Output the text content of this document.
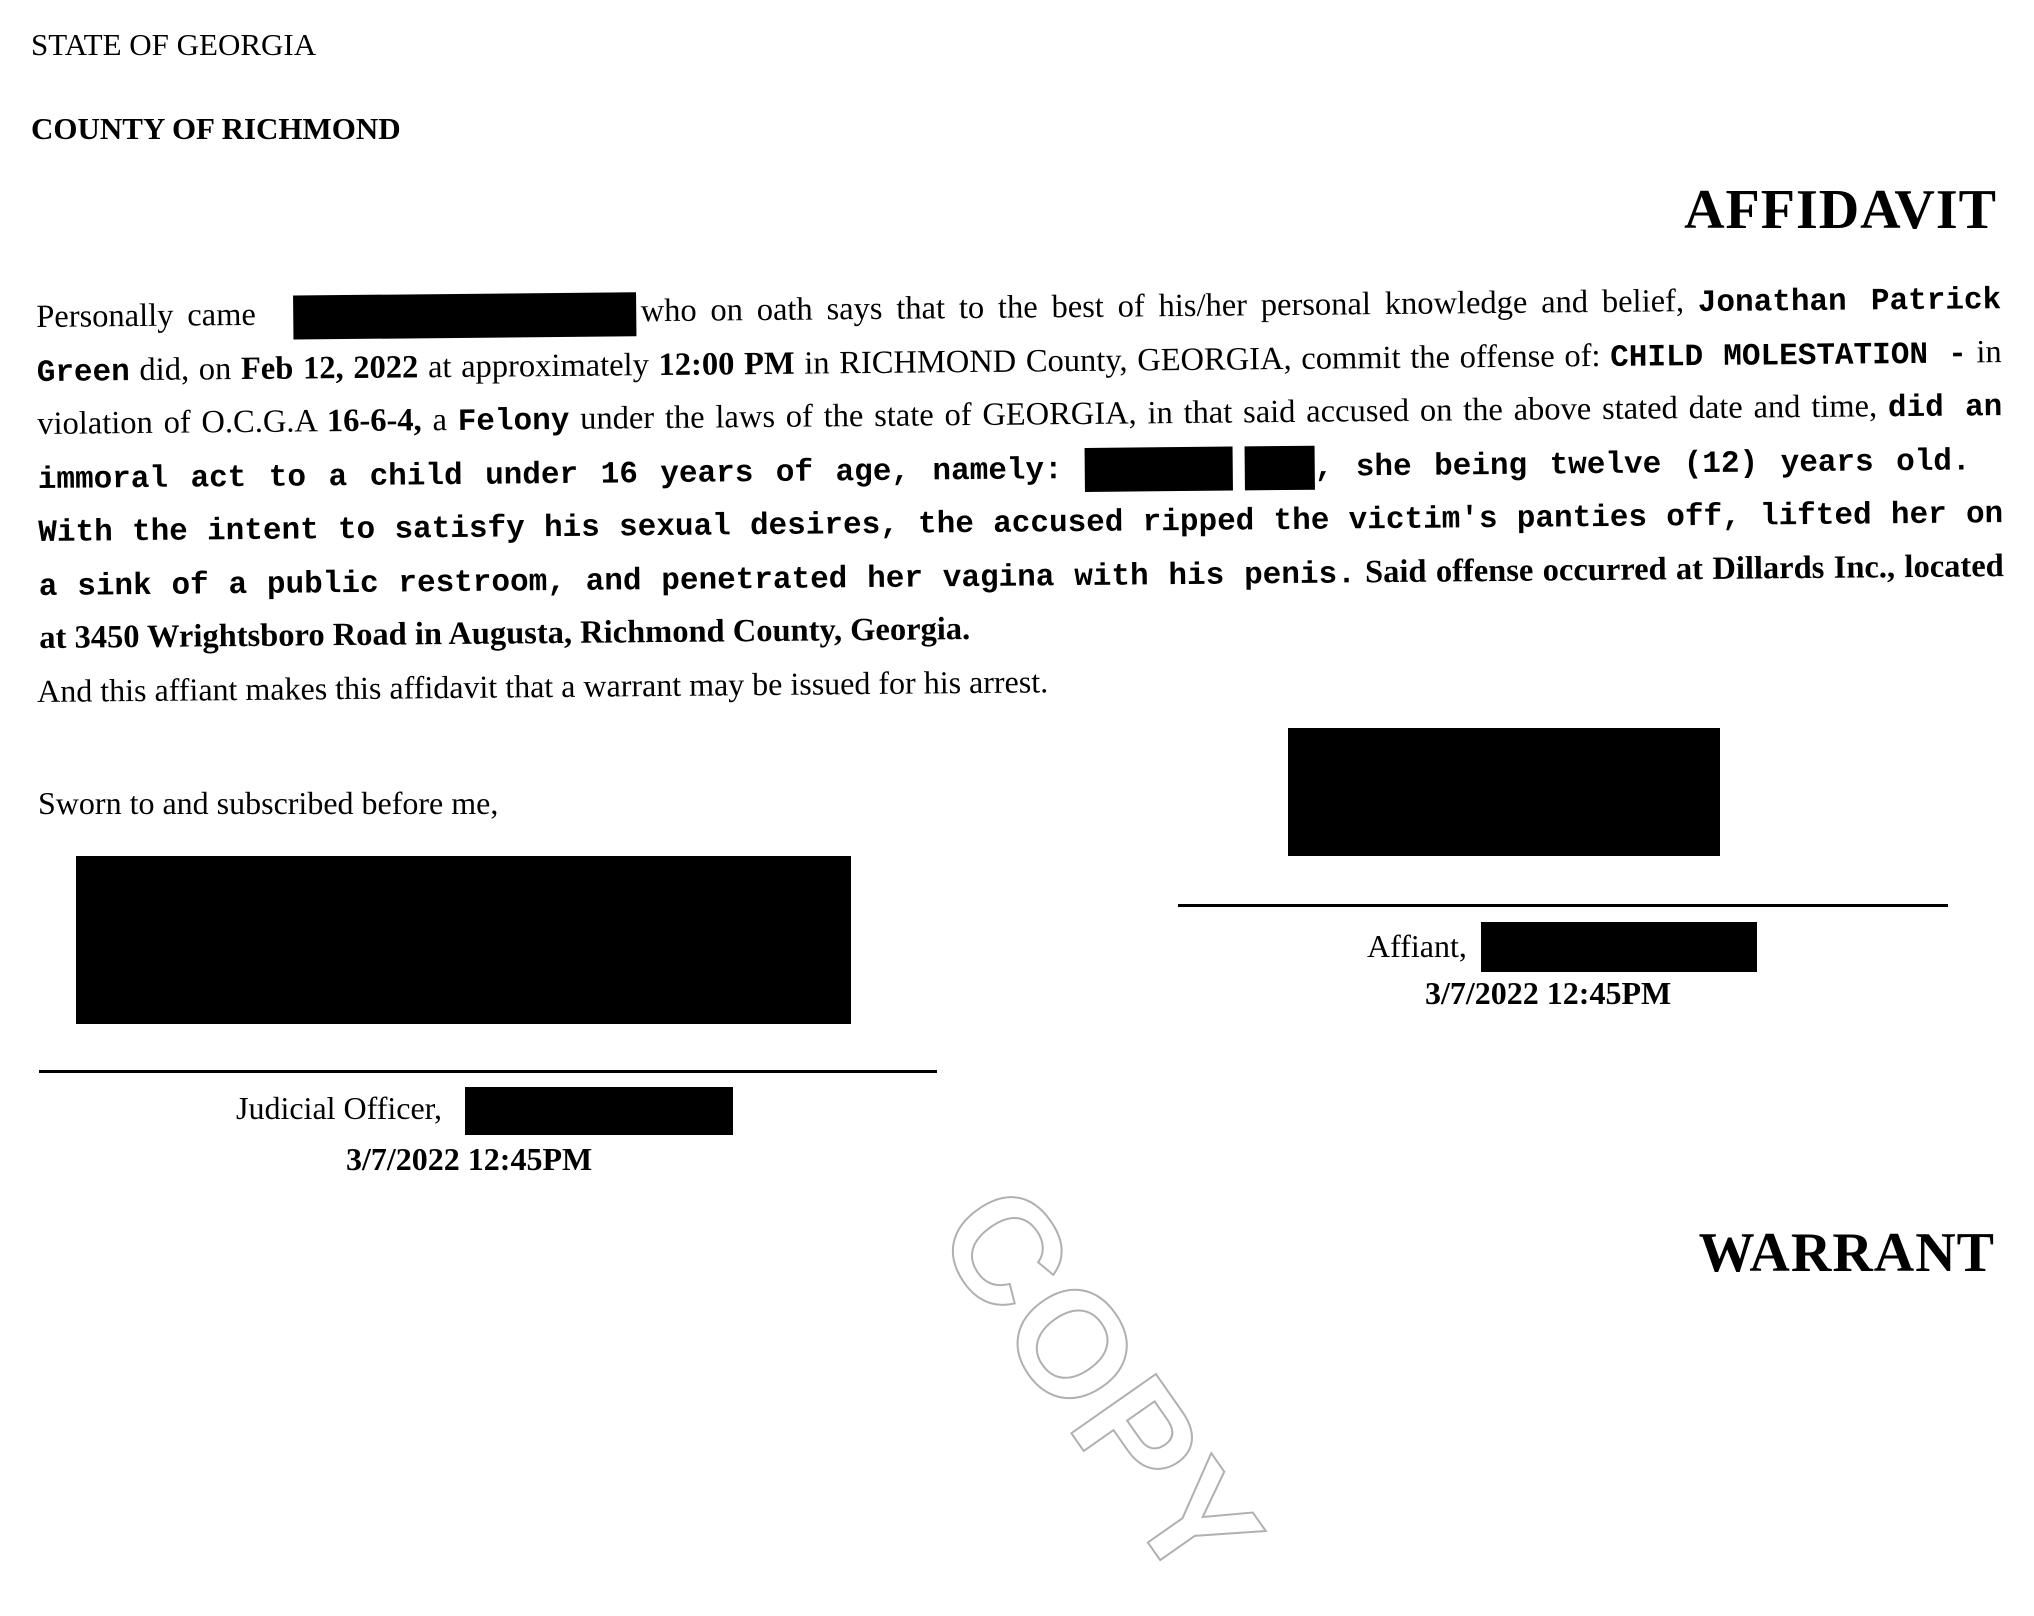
STATE OF GEORGIA
COUNTY OF RICHMOND
AFFIDAVIT
Personally came	who on oath says that to the best of his/her personal knowledge and belief, Jonathan Patrick Green did, on Feb 12, 2022 at approximately 12:00 PM in RICHMOND County, GEORGIA, commit the offense of: CHILD MOLESTATION - in violation of O.C.G.A 16-6-4, a Felony under the laws of the state of GEORGIA, in that said accused on the above stated date and time, did an immoral act to a child under 16 years of age, namely:	, she being twelve (12) years old.    With the intent to satisfy his sexual desires, the accused ripped the victim's panties off, lifted her on a sink of a public restroom, and penetrated her vagina with his penis. Said offense occurred at Dillards Inc., located at 3450 Wrightsboro Road in Augusta, Richmond County, Georgia.
And this affiant makes this affidavit that a warrant may be issued for his arrest.
Sworn to and subscribed before me,
Judicial Officer,
3/7/2022 12:45PM
Affiant,
3/7/2022 12:45PM
COPY	WARRANT
